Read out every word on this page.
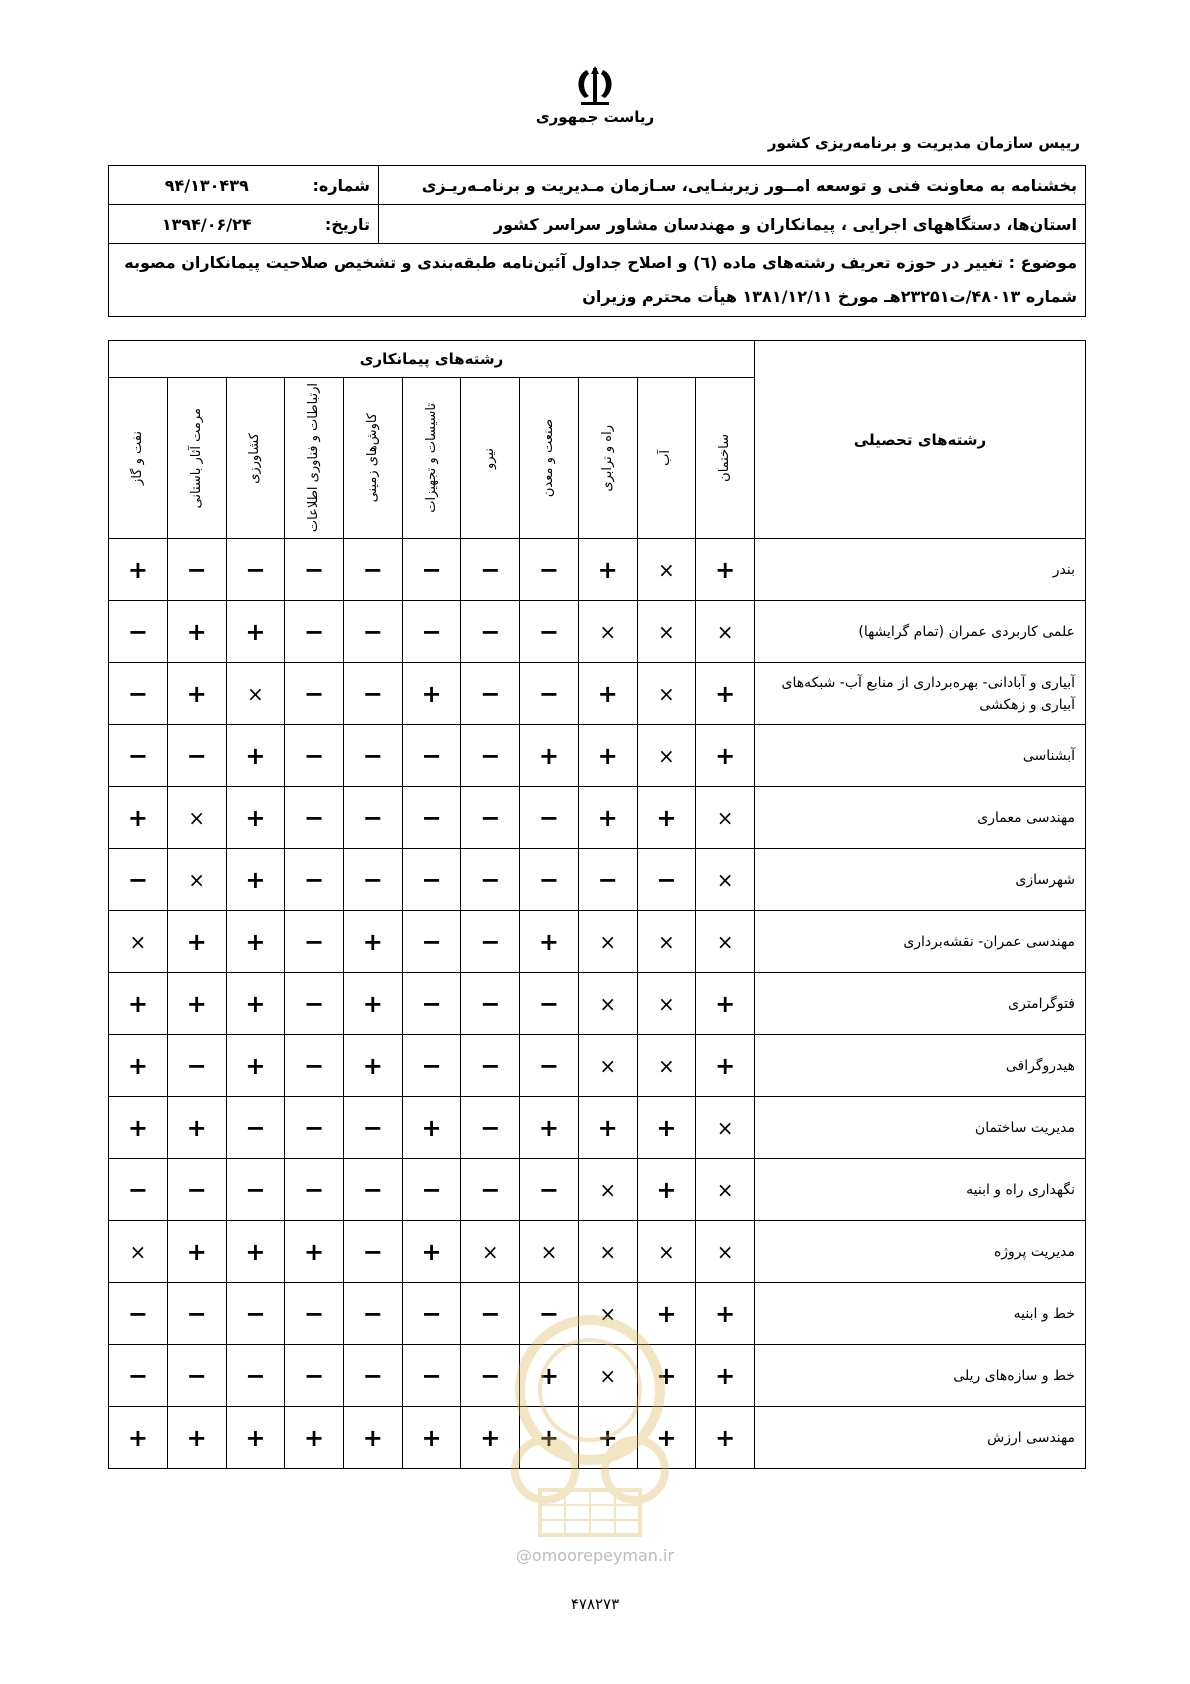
ریاست جمهوری
رییس سازمان مدیریت و برنامه‌ریزی کشور
بخشنامه به معاونت فنی و توسعه امــور زیربنـایی، سـازمان مـدیریت و برنامـه‌ریـزی	شماره:	۹۴/۱۳۰۴۳۹
استان‌ها، دستگاههای اجرایی ، پیمانکاران و مهندسان مشاور سراسر کشور	تاریخ:	۱۳۹۴/۰۶/۲۴
موضوع : تغییر در حوزه تعریف رشته‌های ماده (٦) و اصلاح جداول آئین‌نامه طبقه‌بندی و تشخیص صلاحیت پیمانکاران مصوبه شماره ۴۸۰۱۳/ت۲۳۲۵۱هـ مورخ ۱۳۸۱/۱۲/۱۱ هیأت محترم وزیران		
رشته‌های تحصیلی	رشته‌های پیمانکاری										

	ساختمان	آب	راه و ترابری	صنعت و معدن	نیرو	تاسیسات و تجهیزات	کاوش‌های زمینی	ارتباطات و فناوری اطلاعات	کشاورزی	مرمت آثار باستانی	نفت و گاز

بندر	+	×	+	−	−	−	−	−	−	−	+
علمی کاربردی عمران (تمام گرایشها)	×	×	×	−	−	−	−	−	+	+	−
آبیاری و آبادانی- بهره‌برداری از منابع آب- شبکه‌های آبیاری و زهکشی	+	×	+	−	−	+	−	−	×	+	−
آبشناسی	+	×	+	+	−	−	−	−	+	−	−
مهندسی معماری	×	+	+	−	−	−	−	−	+	×	+
شهرسازی	×	−	−	−	−	−	−	−	+	×	−
مهندسی عمران- نقشه‌برداری	×	×	×	+	−	−	+	−	+	+	×
فتوگرامتری	+	×	×	−	−	−	+	−	+	+	+
هیدروگرافی	+	×	×	−	−	−	+	−	+	−	+
مدیریت ساختمان	×	+	+	+	−	+	−	−	−	+	+
نگهداری راه و ابنیه	×	+	×	−	−	−	−	−	−	−	−
مدیریت پروژه	×	×	×	×	×	+	−	+	+	+	×
خط و ابنیه	+	+	×	−	−	−	−	−	−	−	−
خط و سازه‌های ریلی	+	+	×	+	−	−	−	−	−	−	−
مهندسی ارزش	+	+	+	+	+	+	+	+	+	+	+
@omoorepeyman.ir
۴۷۸۲۷۳
